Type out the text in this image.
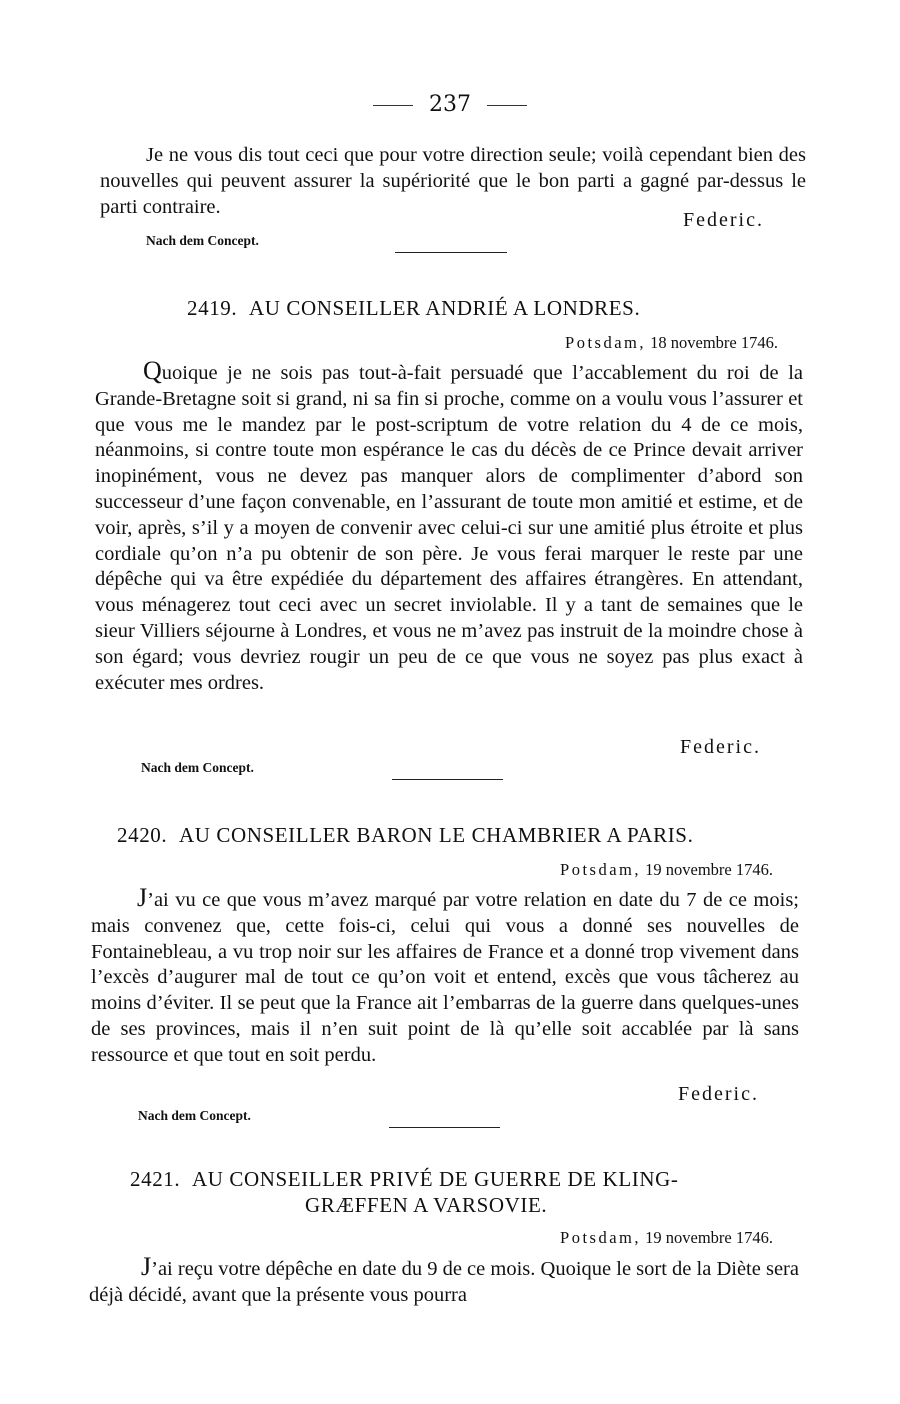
237

Je ne vous dis tout ceci que pour votre direction seule; voilà cependant bien des nouvelles qui peuvent assurer la supériorité que le bon parti a gagné par-dessus le parti contraire.

Federic.
Nach dem Concept.
2419. AU CONSEILLER ANDRIÉ A LONDRES.
Potsdam, 18 novembre 1746.

Quoique je ne sois pas tout-à-fait persuadé que l’accablement du roi de la Grande-Bretagne soit si grand, ni sa fin si proche, comme on a voulu vous l’assurer et que vous me le mandez par le post-scriptum de votre relation du 4 de ce mois, néanmoins, si contre toute mon espérance le cas du décès de ce Prince devait arriver inopinément, vous ne devez pas manquer alors de complimenter d’abord son successeur d’une façon convenable, en l’assurant de toute mon amitié et estime, et de voir, après, s’il y a moyen de convenir avec celui-ci sur une amitié plus étroite et plus cordiale qu’on n’a pu obtenir de son père. Je vous ferai marquer le reste par une dépêche qui va être expédiée du département des affaires étrangères. En attendant, vous ménagerez tout ceci avec un secret inviolable. Il y a tant de semaines que le sieur Villiers séjourne à Londres, et vous ne m’avez pas instruit de la moindre chose à son égard; vous devriez rougir un peu de ce que vous ne soyez pas plus exact à exécuter mes ordres.

Federic.
Nach dem Concept.
2420. AU CONSEILLER BARON LE CHAMBRIER A PARIS.
Potsdam, 19 novembre 1746.

J’ai vu ce que vous m’avez marqué par votre relation en date du 7 de ce mois; mais convenez que, cette fois-ci, celui qui vous a donné ses nouvelles de Fontainebleau, a vu trop noir sur les affaires de France et a donné trop vivement dans l’excès d’augurer mal de tout ce qu’on voit et entend, excès que vous tâcherez au moins d’éviter. Il se peut que la France ait l’embarras de la guerre dans quelques-unes de ses provinces, mais il n’en suit point de là qu’elle soit accablée par là sans ressource et que tout en soit perdu.

Federic.
Nach dem Concept.
2421. AU CONSEILLER PRIVÉ DE GUERRE DE KLING-
GRÆFFEN A VARSOVIE.
Potsdam, 19 novembre 1746.

J’ai reçu votre dépêche en date du 9 de ce mois. Quoique le sort de la Diète sera déjà décidé, avant que la présente vous pourra
